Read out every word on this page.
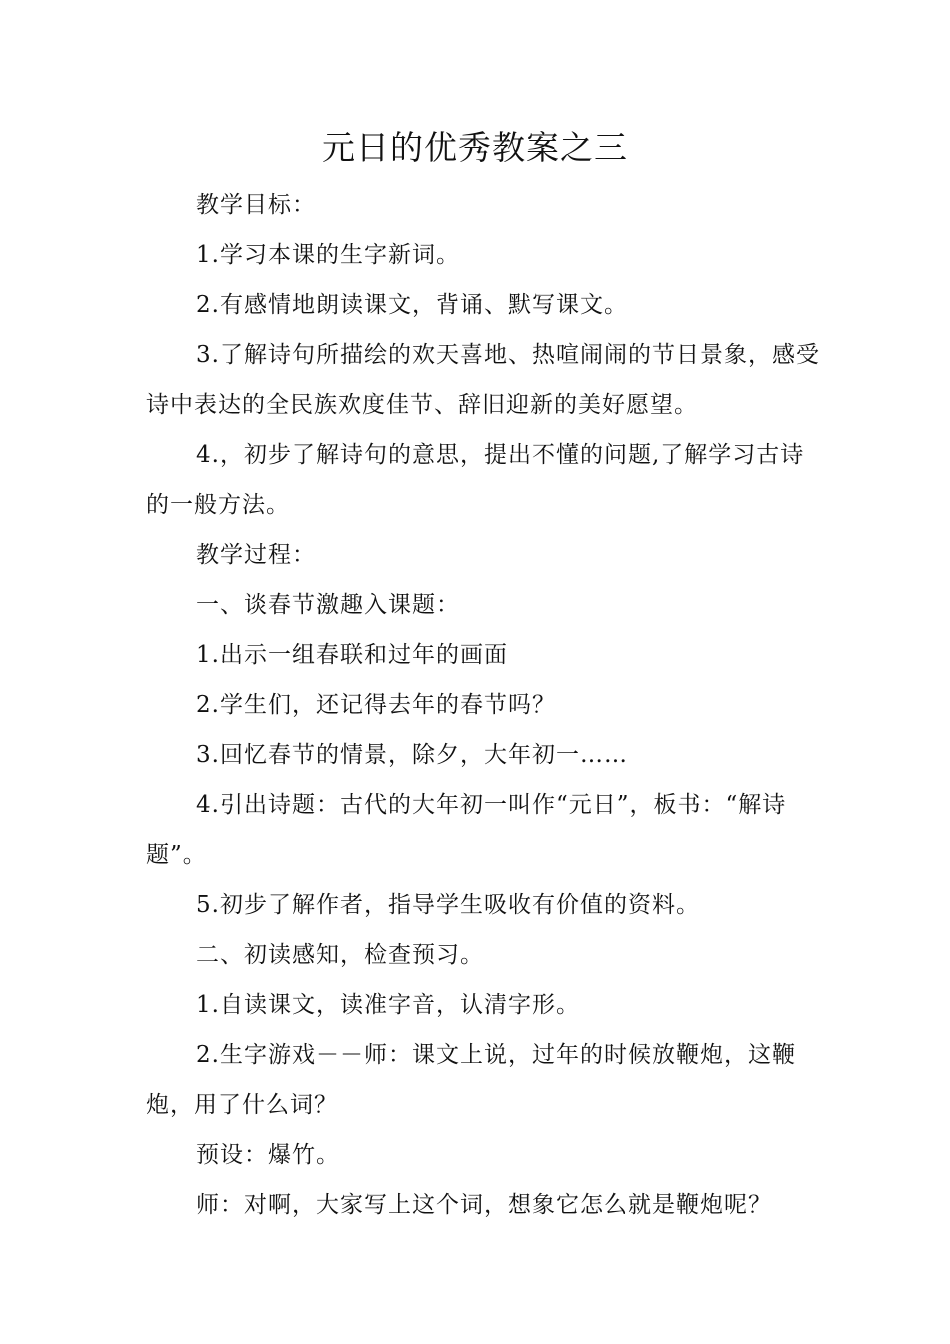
元日的优秀教案之三

教学目标：

1.学习本课的生字新词。

2.有感情地朗读课文，背诵、默写课文。

3.了解诗句所描绘的欢天喜地、热喧闹闹的节日景象，感受诗中表达的全民族欢度佳节、辞旧迎新的美好愿望。

4.，初步了解诗句的意思，提出不懂的问题,了解学习古诗的一般方法。

教学过程：

一、谈春节激趣入课题：

1.出示一组春联和过年的画面

2.学生们，还记得去年的春节吗？

3.回忆春节的情景，除夕，大年初一……

4.引出诗题：古代的大年初一叫作“元日”，板书：“解诗题”。

5.初步了解作者，指导学生吸收有价值的资料。

二、初读感知，检查预习。

1.自读课文，读准字音，认清字形。

2.生字游戏－－师：课文上说，过年的时候放鞭炮，这鞭炮，用了什么词？

预设：爆竹。

师：对啊，大家写上这个词，想象它怎么就是鞭炮呢？
